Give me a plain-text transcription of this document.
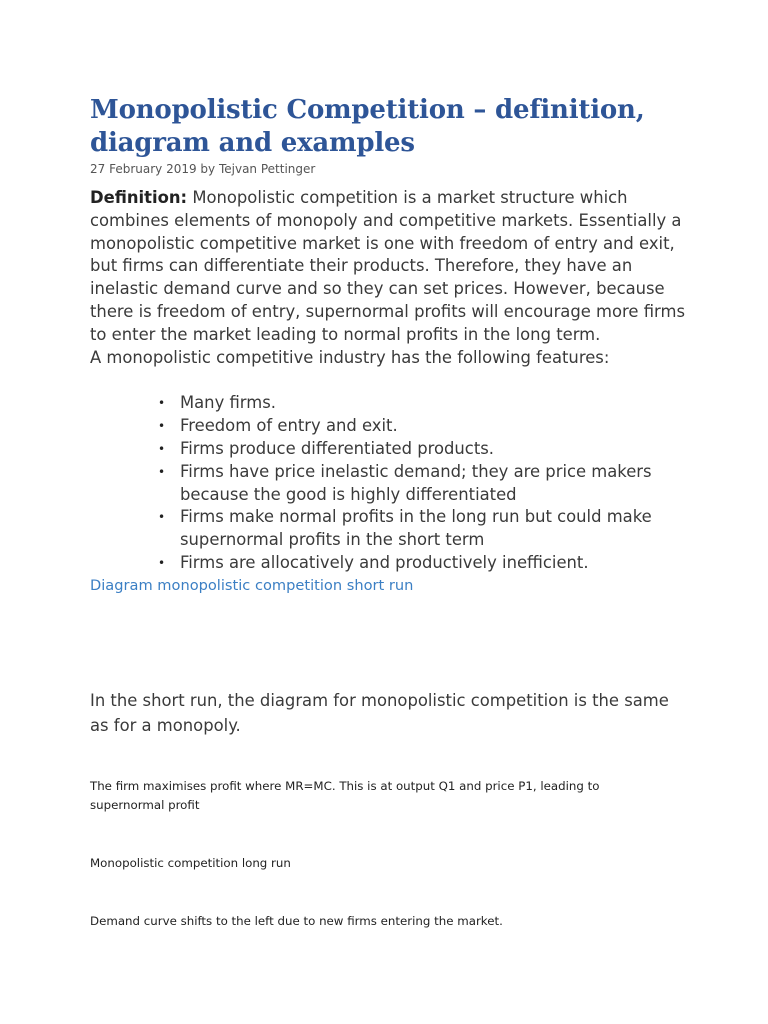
Monopolistic Competition – definition, diagram and examples
27 February 2019 by Tejvan Pettinger
Definition: Monopolistic competition is a market structure which combines elements of monopoly and competitive markets. Essentially a monopolistic competitive market is one with freedom of entry and exit, but firms can differentiate their products. Therefore, they have an inelastic demand curve and so they can set prices. However, because there is freedom of entry, supernormal profits will encourage more firms to enter the market leading to normal profits in the long term.
A monopolistic competitive industry has the following features:
• Many firms.
• Freedom of entry and exit.
• Firms produce differentiated products.
• Firms have price inelastic demand; they are price makers because the good is highly differentiated
• Firms make normal profits in the long run but could make supernormal profits in the short term
• Firms are allocatively and productively inefficient.
Diagram monopolistic competition short run
In the short run, the diagram for monopolistic competition is the same as for a monopoly.
The firm maximises profit where MR=MC. This is at output Q1 and price P1, leading to supernormal profit
Monopolistic competition long run
Demand curve shifts to the left due to new firms entering the market.
